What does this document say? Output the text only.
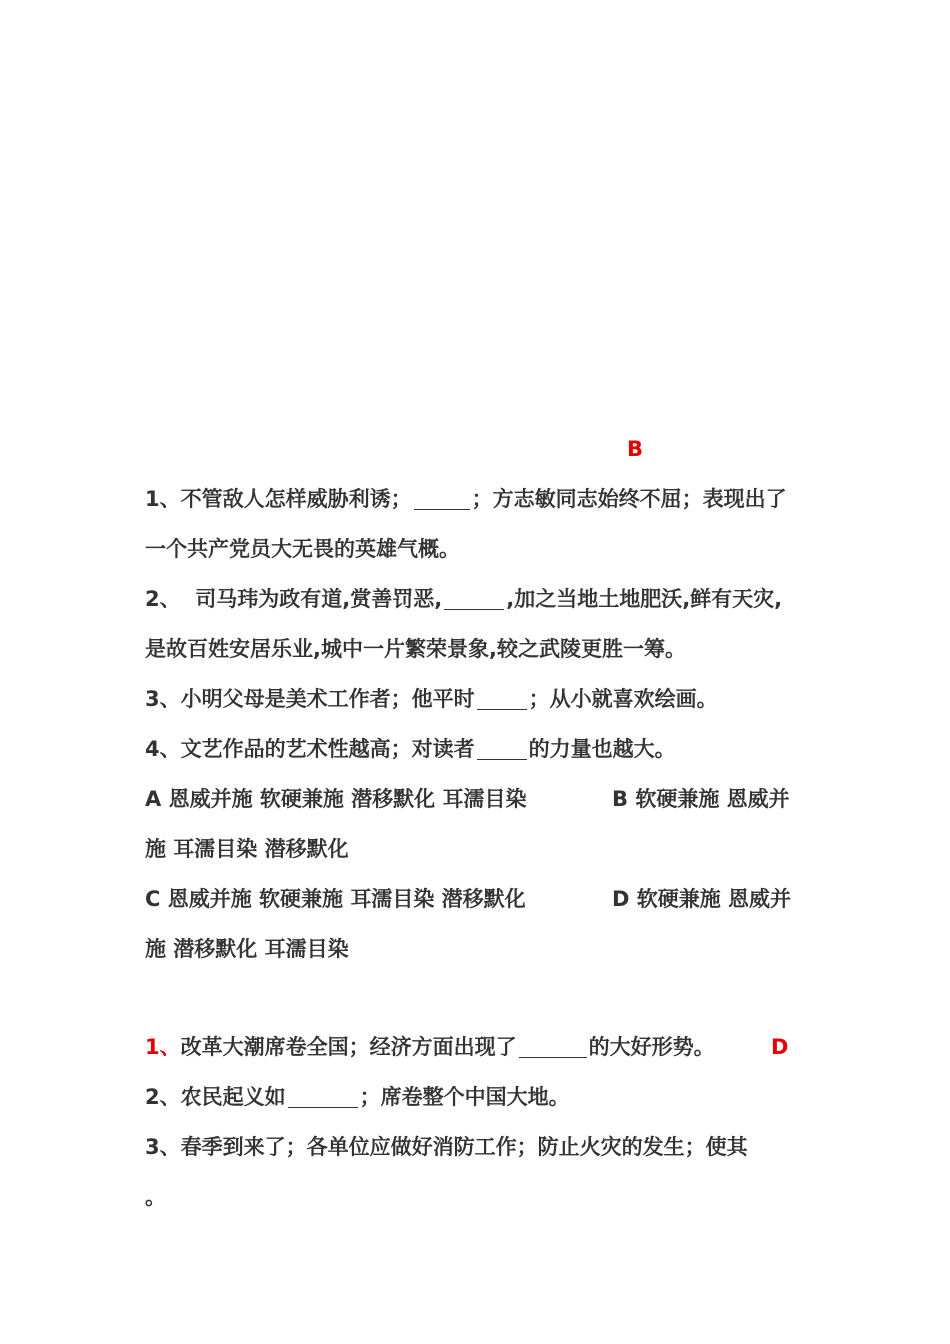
B

1、不管敌人怎样威胁利诱；	；方志敏同志始终不屈；表现出了

一个共产党员大无畏的英雄气概。

2、 司马玮为政有道,赏善罚恶,	,加之当地土地肥沃,鲜有天灾,

是故百姓安居乐业,城中一片繁荣景象,较之武陵更胜一筹。

3、小明父母是美术工作者；他平时	；从小就喜欢绘画。

4、文艺作品的艺术性越高；对读者	的力量也越大。

A 恩威并施 软硬兼施 潜移默化 耳濡目染	B 软硬兼施 恩威并
施 耳濡目染 潜移默化
C 恩威并施 软硬兼施 耳濡目染 潜移默化	D 软硬兼施 恩威并
施 潜移默化 耳濡目染

1、改革大潮席卷全国；经济方面出现了	的大好形势。	D

2、农民起义如	；席卷整个中国大地。

3、春季到来了；各单位应做好消防工作；防止火灾的发生；使其

。
